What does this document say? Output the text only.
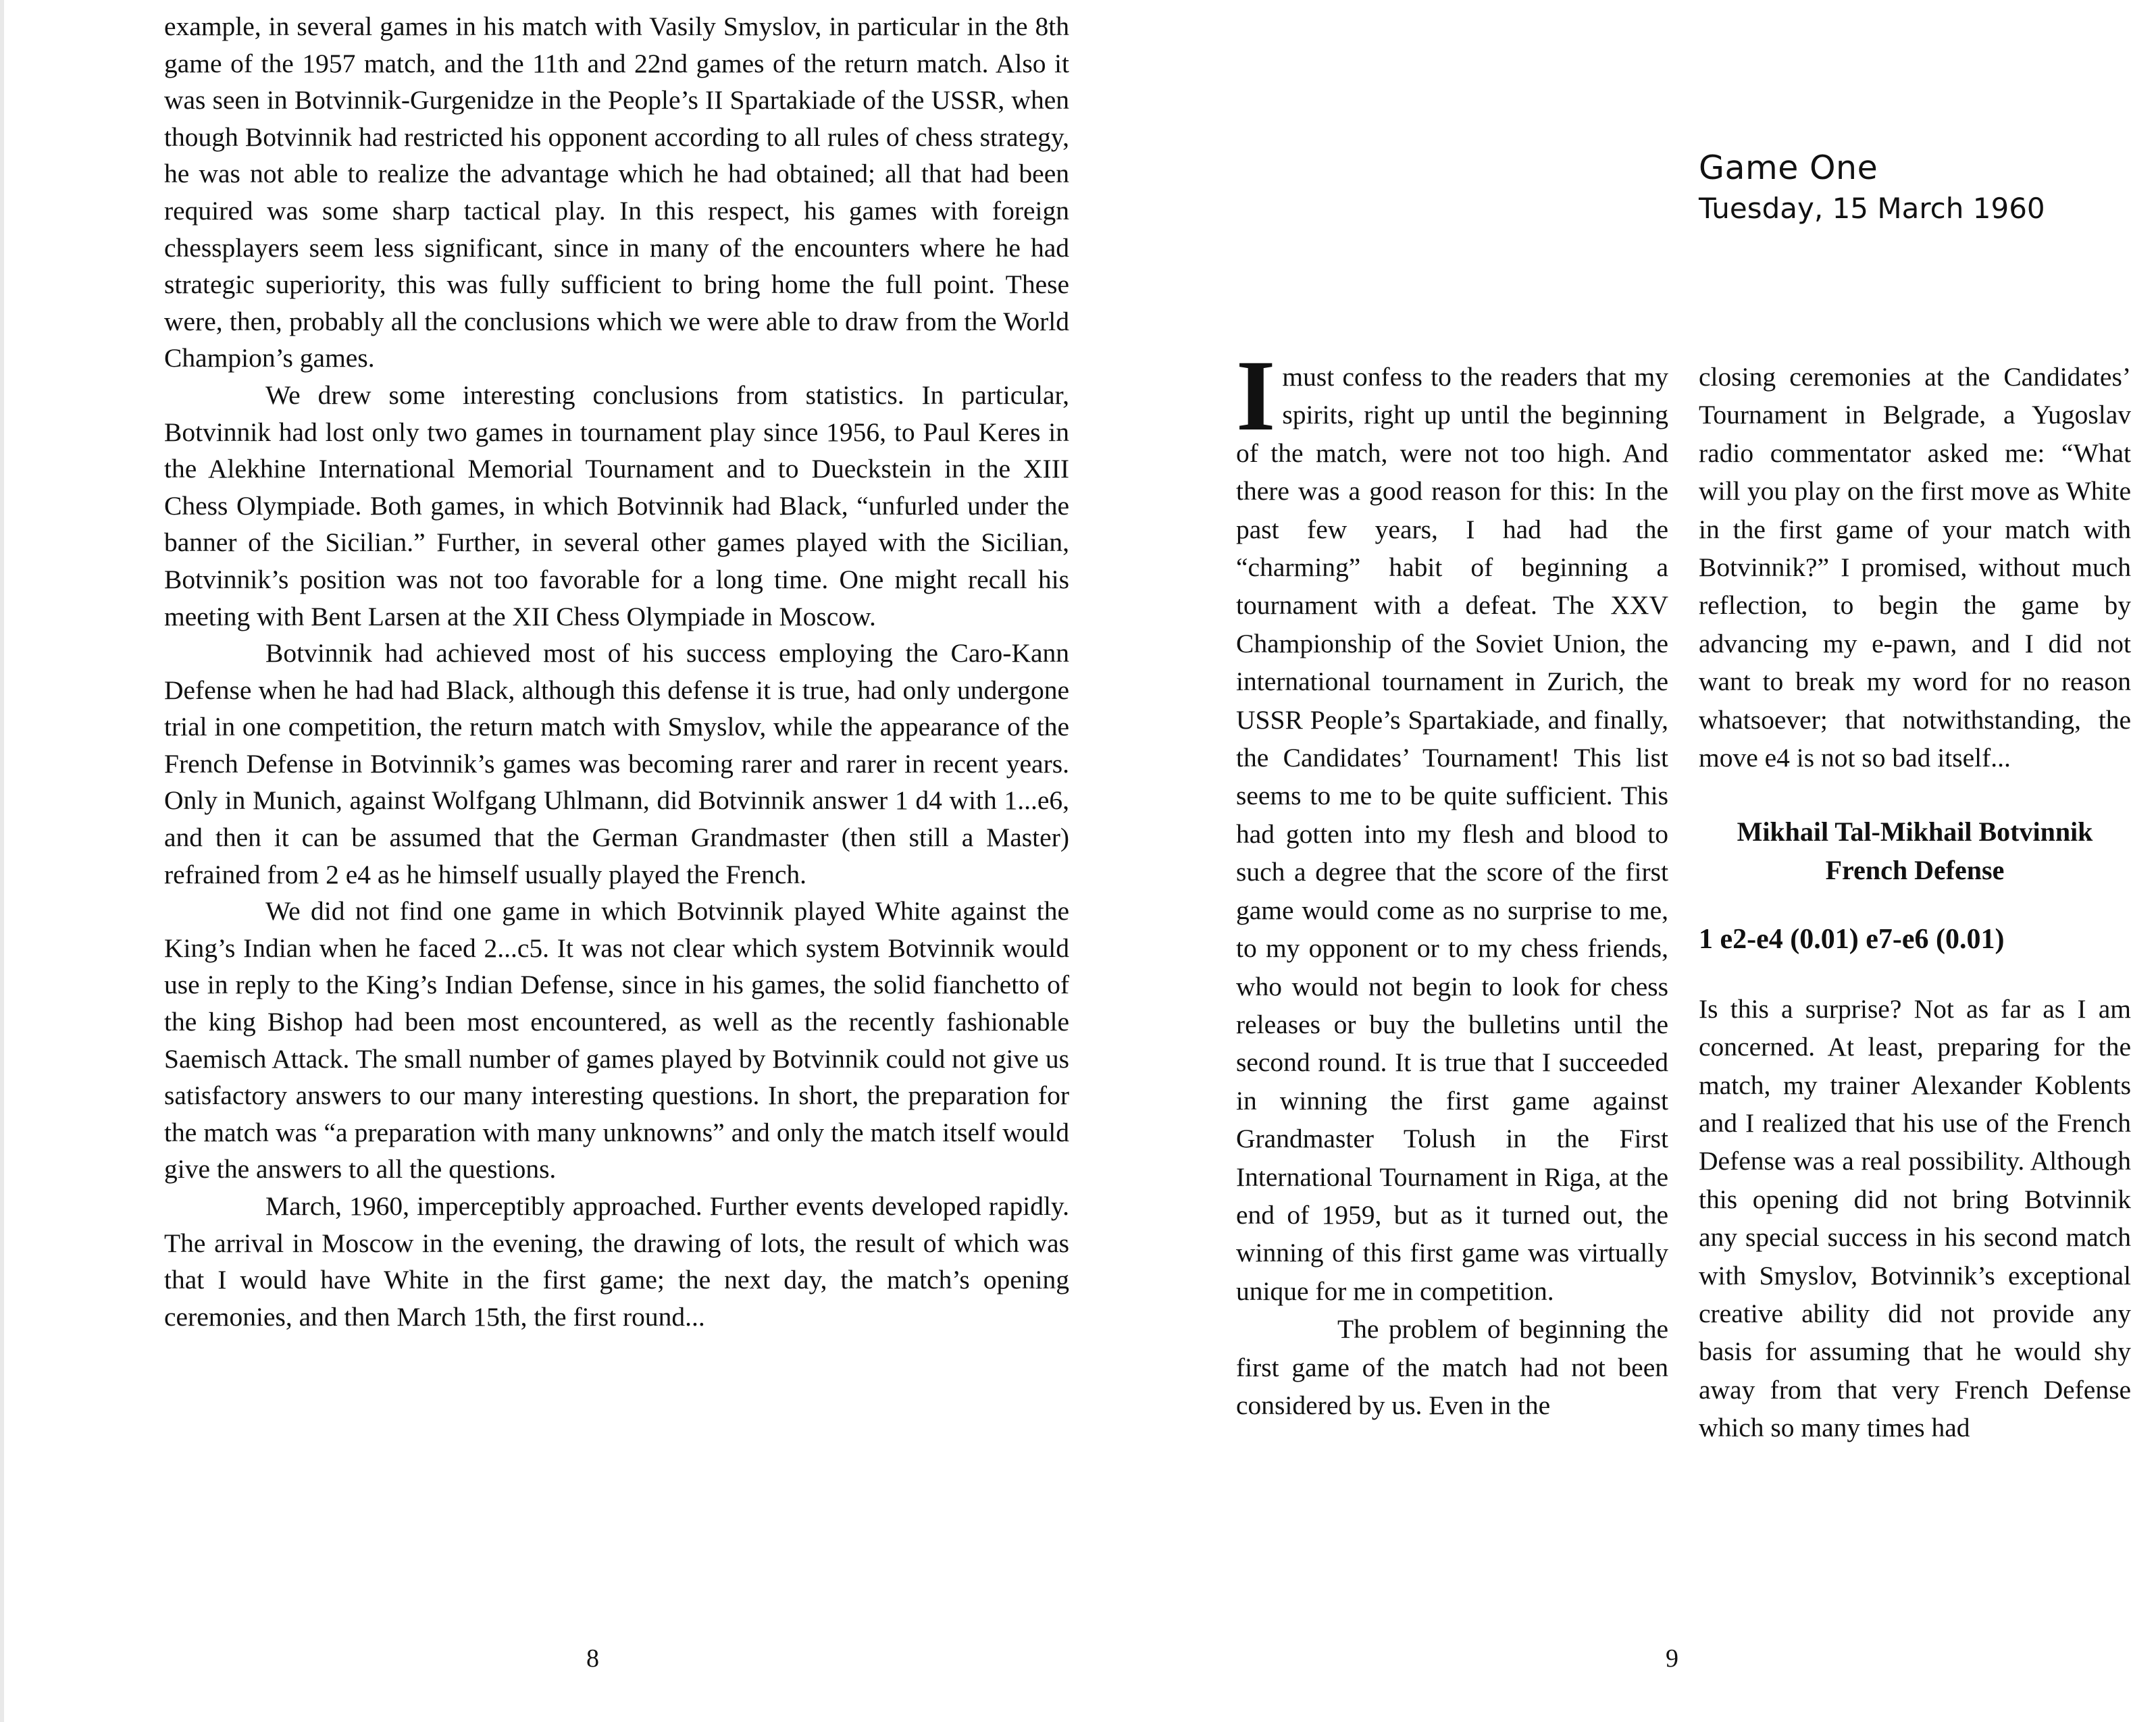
example, in several games in his match with Vasily Smyslov, in particular in the 8th game of the 1957 match, and the 11th and 22nd games of the return match. Also it was seen in Botvinnik-Gurgenidze in the People’s II Spartakiade of the USSR, when though Botvinnik had restricted his opponent according to all rules of chess strategy, he was not able to realize the advantage which he had obtained; all that had been required was some sharp tactical play. In this respect, his games with foreign chessplayers seem less significant, since in many of the encounters where he had strategic superiority, this was fully sufficient to bring home the full point. These were, then, probably all the conclusions which we were able to draw from the World Champion’s games.

We drew some interesting conclusions from statistics. In particular, Botvinnik had lost only two games in tournament play since 1956, to Paul Keres in the Alekhine International Memorial Tournament and to Dueckstein in the XIII Chess Olympiade. Both games, in which Botvinnik had Black, “unfurled under the banner of the Sicilian.” Further, in several other games played with the Sicilian, Botvinnik’s position was not too favorable for a long time. One might recall his meeting with Bent Larsen at the XII Chess Olympiade in Moscow.

Botvinnik had achieved most of his success employing the Caro-Kann Defense when he had had Black, although this defense it is true, had only undergone trial in one competition, the return match with Smyslov, while the appearance of the French Defense in Botvinnik’s games was becoming rarer and rarer in recent years. Only in Munich, against Wolfgang Uhlmann, did Botvinnik answer 1 d4 with 1...e6, and then it can be assumed that the German Grandmaster (then still a Master) refrained from 2 e4 as he himself usually played the French.

We did not find one game in which Botvinnik played White against the King’s Indian when he faced 2...c5. It was not clear which system Botvinnik would use in reply to the King’s Indian Defense, since in his games, the solid fianchetto of the king Bishop had been most encountered, as well as the recently fashionable Saemisch Attack. The small number of games played by Botvinnik could not give us satisfactory answers to our many interesting questions. In short, the preparation for the match was “a preparation with many unknowns” and only the match itself would give the answers to all the questions.

March, 1960, imperceptibly approached. Further events developed rapidly. The arrival in Moscow in the evening, the drawing of lots, the result of which was that I would have White in the first game; the next day, the match’s opening ceremonies, and then March 15th, the first round...

8
Game One
Tuesday, 15 March 1960

I must confess to the readers that my spirits, right up until the beginning of the match, were not too high. And there was a good reason for this: In the past few years, I had had the “charming” habit of beginning a tournament with a defeat. The XXV Championship of the Soviet Union, the international tournament in Zurich, the USSR People’s Spartakiade, and finally, the Candidates’ Tournament! This list seems to me to be quite sufficient. This had gotten into my flesh and blood to such a degree that the score of the first game would come as no surprise to me, to my opponent or to my chess friends, who would not begin to look for chess releases or buy the bulletins until the second round. It is true that I succeeded in winning the first game against Grandmaster Tolush in the First International Tournament in Riga, at the end of 1959, but as it turned out, the winning of this first game was virtually unique for me in competition.

The problem of beginning the first game of the match had not been considered by us. Even in the

closing ceremonies at the Candidates’ Tournament in Belgrade, a Yugoslav radio commentator asked me: “What will you play on the first move as White in the first game of your match with Botvinnik?” I promised, without much reflection, to begin the game by advancing my e-pawn, and I did not want to break my word for no reason whatsoever; that notwithstanding, the move e4 is not so bad itself...

Mikhail Tal-Mikhail Botvinnik
French Defense
1 e2-e4 (0.01) e7-e6 (0.01)

Is this a surprise? Not as far as I am concerned. At least, preparing for the match, my trainer Alexander Koblents and I realized that his use of the French Defense was a real possibility. Although this opening did not bring Botvinnik any special success in his second match with Smyslov, Botvinnik’s exceptional creative ability did not provide any basis for assuming that he would shy away from that very French Defense which so many times had

9
